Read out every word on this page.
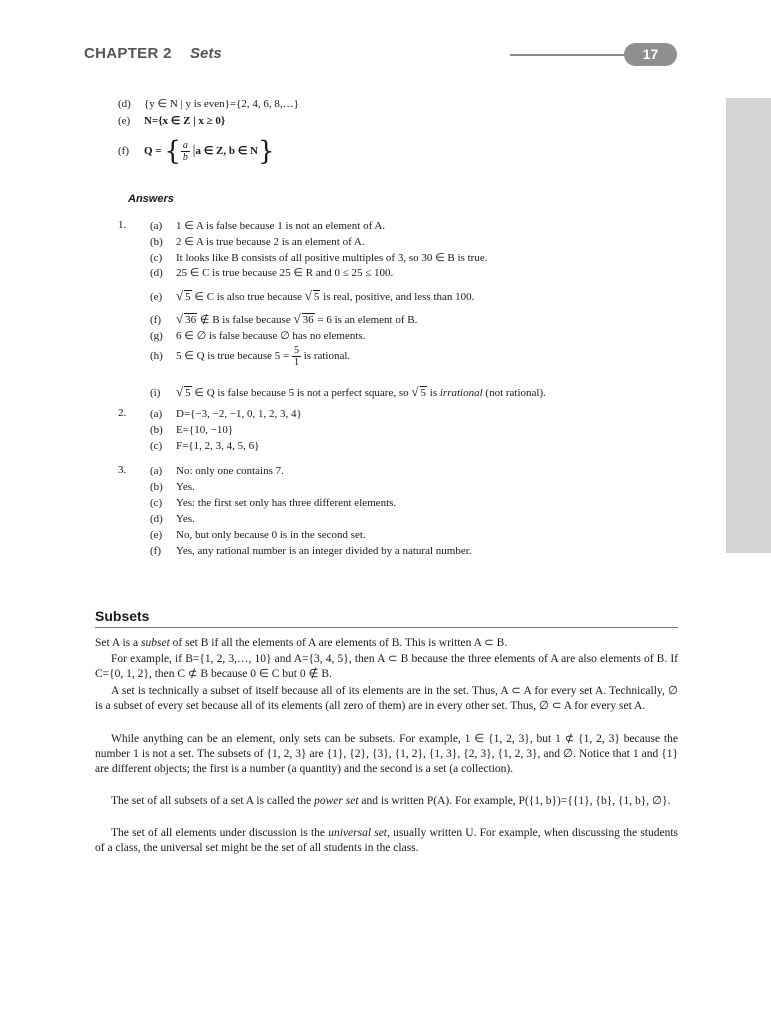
CHAPTER 2 Sets	17
(d) {y ∈ N | y is even}={2, 4, 6, 8,…}
(e) N={x ∈ Z | x ≥ 0}
(f) Q = { $\frac{a}{b} |a$ ∈ Z, b ∈ N}
Answers
1. (a) 1 ∈ A is false because 1 is not an element of A.
(b) 2 ∈ A is true because 2 is an element of A.
(c) It looks like B consists of all positive multiples of 3, so 30 ∈ B is true.
(d) 25 ∈ C is true because 25 ∈ R and 0 ≤ 25 ≤ 100.
(e) √ 5 ∈ C is also true because √ 5 is real, positive, and less than 100.
(f) √ 36 ∉ B is false because √ 36 = 6 is an element of B.
(g) 6 ∈ ∅ is false because ∅ has no elements.
(h) 5 ∈ Q is true because $5 = \frac{5}{1}$ is rational.
(i) √ 5 ∈ Q is false because 5 is not a perfect square, so √ 5 is irrational (not rational).
2. (a) D={−3, −2, −1, 0, 1, 2, 3, 4}
(b) E={10, −10}
(c) F={1, 2, 3, 4, 5, 6}
3. (a) No: only one contains 7.
(b) Yes.
(c) Yes: the first set only has three different elements.
(d) Yes.
(e) No, but only because 0 is in the second set.
(f) Yes, any rational number is an integer divided by a natural number.
Subsets
Set A is a subset of set B if all the elements of A are elements of B. This is written A ⊂ B.
For example, if B={1, 2, 3,…, 10} and A={3, 4, 5}, then A ⊂ B because the three elements of A are also elements of B. If C={0, 1, 2}, then C ⊄ B because 0 ∈ C but 0 ∉ B.
A set is technically a subset of itself because all of its elements are in the set. Thus, A ⊂ A for every set A. Technically, ∅ is a subset of every set because all of its elements (all zero of them) are in every other set. Thus, ∅ ⊂ A for every set A.
While anything can be an element, only sets can be subsets. For example, 1 ∈ {1, 2, 3}, but 1 ⊄ {1, 2, 3} because the number 1 is not a set. The subsets of {1, 2, 3} are {1}, {2}, {3}, {1, 2}, {1, 3}, {2, 3}, {1, 2, 3}, and ∅. Notice that 1 and {1} are different objects; the first is a number (a quantity) and the second is a set (a collection).
The set of all subsets of a set A is called the power set and is written P(A). For example, P({1, b})={{1}, {b}, {1, b}, ∅}.
The set of all elements under discussion is the universal set, usually written U. For example, when discussing the students of a class, the universal set might be the set of all students in the class.
